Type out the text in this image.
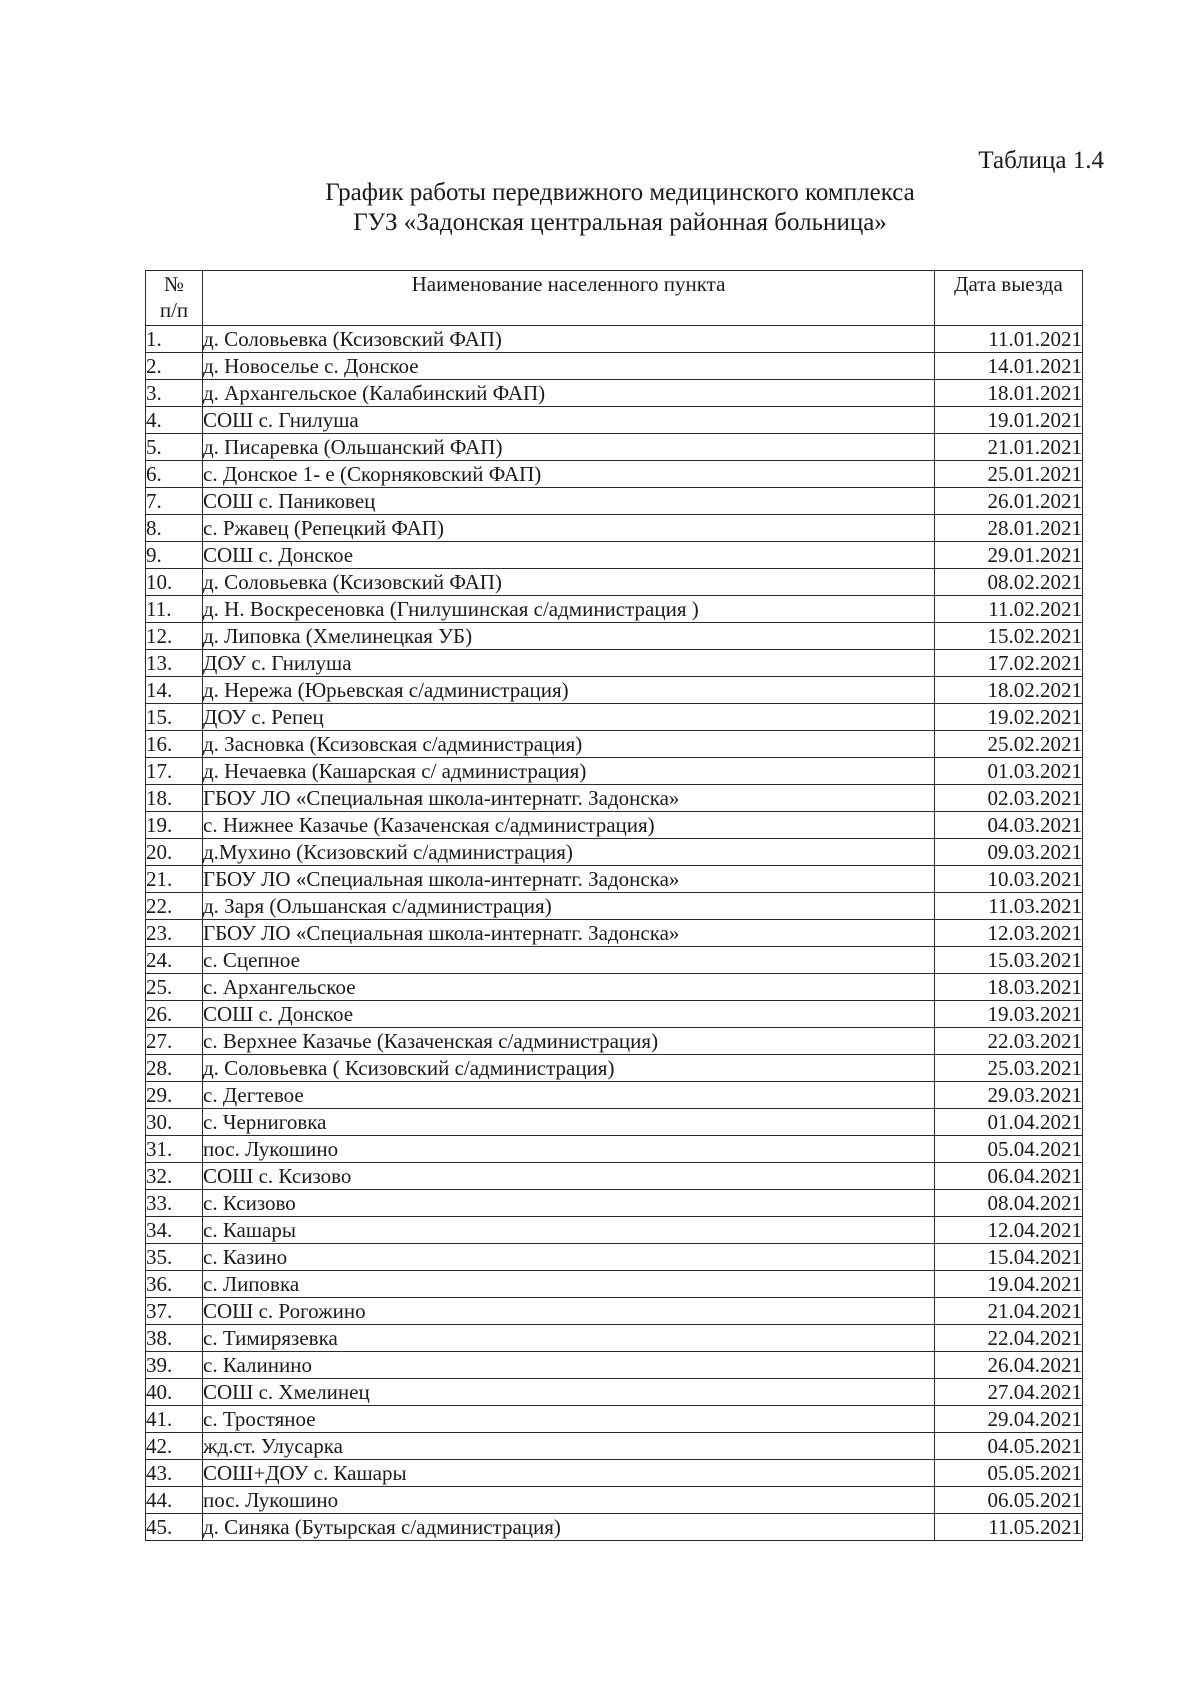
Таблица 1.4
График работы передвижного медицинского комплекса
ГУЗ «Задонская центральная районная больница»
№
п/п	Наименование населенного пункта	Дата выезда
1.	д. Соловьевка (Ксизовский ФАП)	11.01.2021
2.	д. Новоселье с. Донское	14.01.2021
3.	д. Архангельское (Калабинский ФАП)	18.01.2021
4.	СОШ с. Гнилуша	19.01.2021
5.	д. Писаревка (Ольшанский ФАП)	21.01.2021
6.	с. Донское 1- е (Скорняковский ФАП)	25.01.2021
7.	СОШ с. Паниковец	26.01.2021
8.	с. Ржавец (Репецкий ФАП)	28.01.2021
9.	СОШ с. Донское	29.01.2021
10.	д. Соловьевка (Ксизовский ФАП)	08.02.2021
11.	д. Н. Воскресеновка (Гнилушинская с/администрация )	11.02.2021
12.	д. Липовка (Хмелинецкая УБ)	15.02.2021
13.	ДОУ с. Гнилуша	17.02.2021
14.	д. Нережа (Юрьевская с/администрация)	18.02.2021
15.	ДОУ с. Репец	19.02.2021
16.	д. Засновка (Ксизовская с/администрация)	25.02.2021
17.	д. Нечаевка (Кашарская с/ администрация)	01.03.2021
18.	ГБОУ ЛО «Специальная школа-интернатг. Задонска»	02.03.2021
19.	с. Нижнее Казачье (Казаченская с/администрация)	04.03.2021
20.	д.Мухино (Ксизовский с/администрация)	09.03.2021
21.	ГБОУ ЛО «Специальная школа-интернатг. Задонска»	10.03.2021
22.	д. Заря (Ольшанская с/администрация)	11.03.2021
23.	ГБОУ ЛО «Специальная школа-интернатг. Задонска»	12.03.2021
24.	с. Сцепное	15.03.2021
25.	с. Архангельское	18.03.2021
26.	СОШ с. Донское	19.03.2021
27.	с. Верхнее Казачье (Казаченская с/администрация)	22.03.2021
28.	д. Соловьевка ( Ксизовский с/администрация)	25.03.2021
29.	с. Дегтевое	29.03.2021
30.	с. Черниговка	01.04.2021
31.	пос. Лукошино	05.04.2021
32.	СОШ с. Ксизово	06.04.2021
33.	с. Ксизово	08.04.2021
34.	с. Кашары	12.04.2021
35.	с. Казино	15.04.2021
36.	с. Липовка	19.04.2021
37.	СОШ с. Рогожино	21.04.2021
38.	с. Тимирязевка	22.04.2021
39.	с. Калинино	26.04.2021
40.	СОШ с. Хмелинец	27.04.2021
41.	с. Тростяное	29.04.2021
42.	жд.ст. Улусарка	04.05.2021
43.	СОШ+ДОУ с. Кашары	05.05.2021
44.	пос. Лукошино	06.05.2021
45.	д. Синяка (Бутырская с/администрация)	11.05.2021
